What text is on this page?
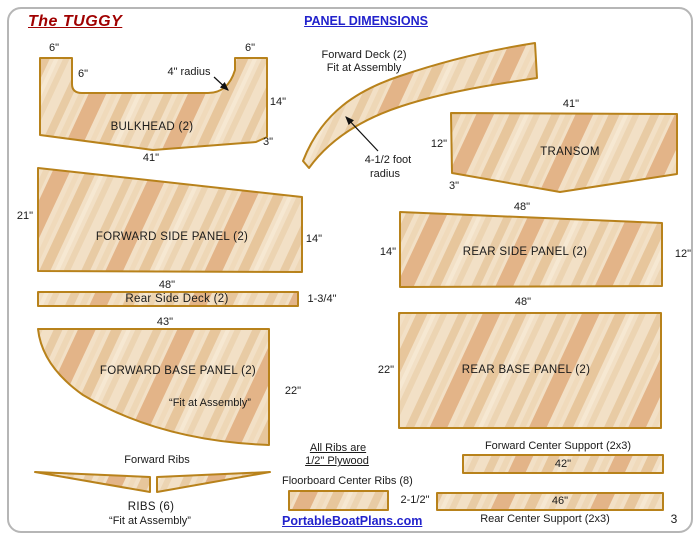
The TUGGY	PANEL DIMENSIONS
6"	6"
6"	4" radius
14"
3"
BULKHEAD (2)
41"
Forward Deck (2)
Fit at Assembly
4-1/2 foot
radius
41"
12"
3"
TRANSOM
21"
FORWARD SIDE PANEL (2)	14"
48"
Rear Side Deck (2)	1-3/4"
43"
FORWARD BASE PANEL (2)
“Fit at Assembly”
22"
48"
14"	REAR SIDE PANEL (2)	12"
48"
22"	REAR BASE PANEL (2)
Forward Ribs
RIBS (6)
“Fit at Assembly”
All Ribs are
1/2" Plywood
Floorboard Center Ribs (8)
2-1/2"
Forward Center Support (2x3)
42"
46"
Rear Center Support (2x3)
PortableBoatPlans.com	3
